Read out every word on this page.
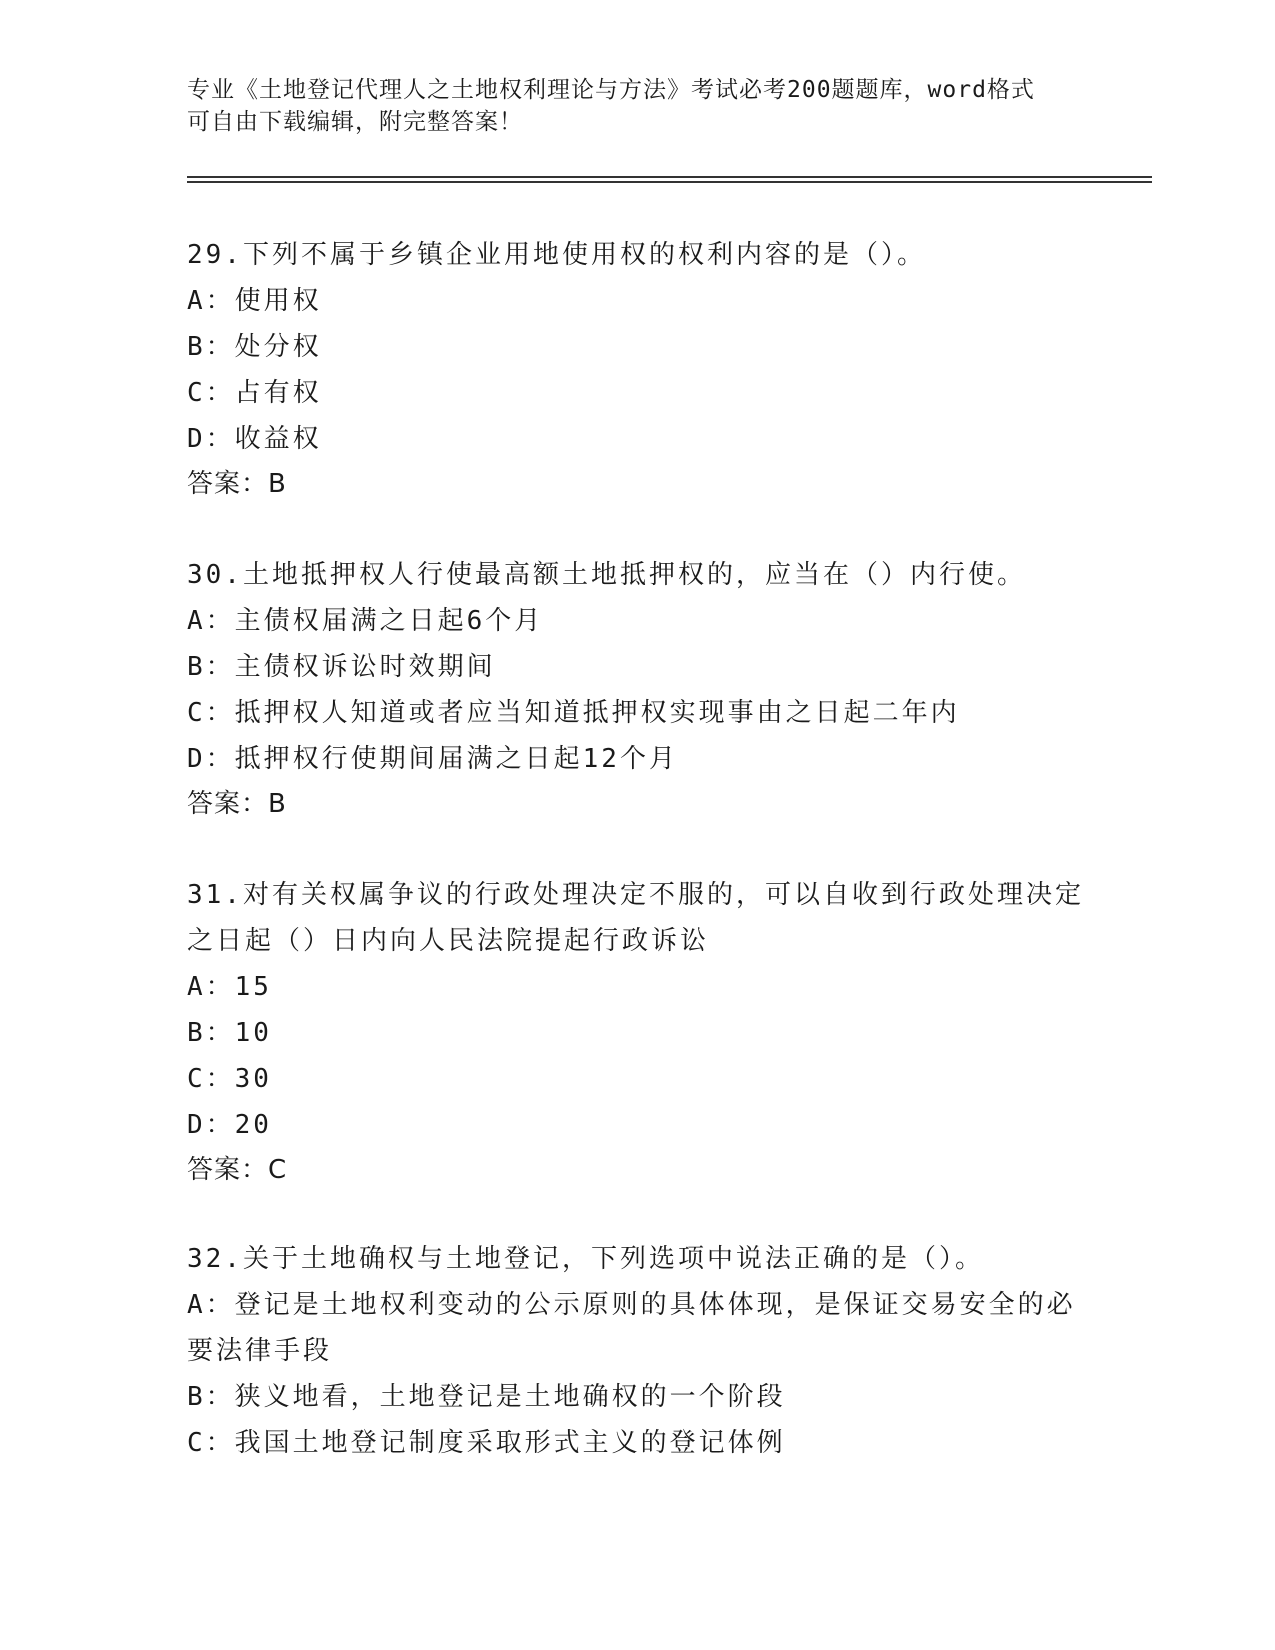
专业《土地登记代理人之土地权利理论与方法》考试必考200题题库，word格式
可自由下载编辑，附完整答案！
29.下列不属于乡镇企业用地使用权的权利内容的是（）。
A：使用权
B：处分权
C：占有权
D：收益权
答案：B
30.土地抵押权人行使最高额土地抵押权的，应当在（）内行使。
A：主债权届满之日起6个月
B：主债权诉讼时效期间
C：抵押权人知道或者应当知道抵押权实现事由之日起二年内
D：抵押权行使期间届满之日起12个月
答案：B
31.对有关权属争议的行政处理决定不服的，可以自收到行政处理决定
之日起（）日内向人民法院提起行政诉讼
A：15
B：10
C：30
D：20
答案：C
32.关于土地确权与土地登记，下列选项中说法正确的是（）。
A：登记是土地权利变动的公示原则的具体体现，是保证交易安全的必
要法律手段
B：狭义地看，土地登记是土地确权的一个阶段
C：我国土地登记制度采取形式主义的登记体例
